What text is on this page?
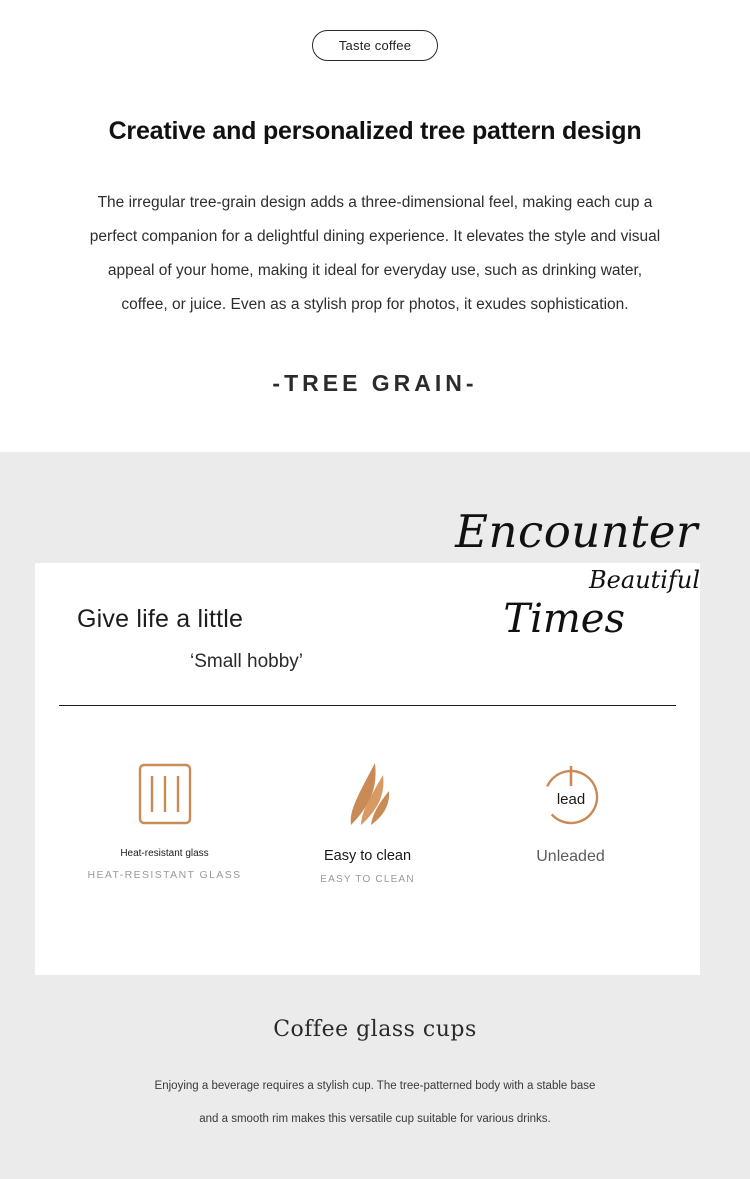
Taste coffee
Creative and personalized tree pattern design
The irregular tree-grain design adds a three-dimensional feel, making each cup a perfect companion for a delightful dining experience. It elevates the style and visual appeal of your home, making it ideal for everyday use, such as drinking water, coffee, or juice. Even as a stylish prop for photos, it exudes sophistication.
-TREE GRAIN-
Encounter
Beautiful
Times
Give life a little
‘Small hobby’
Heat-resistant glass
HEAT-RESISTANT GLASS
Easy to clean
EASY TO CLEAN
lead
Unleaded
Coffee glass cups
Enjoying a beverage requires a stylish cup. The tree-patterned body with a stable base
and a smooth rim makes this versatile cup suitable for various drinks.
